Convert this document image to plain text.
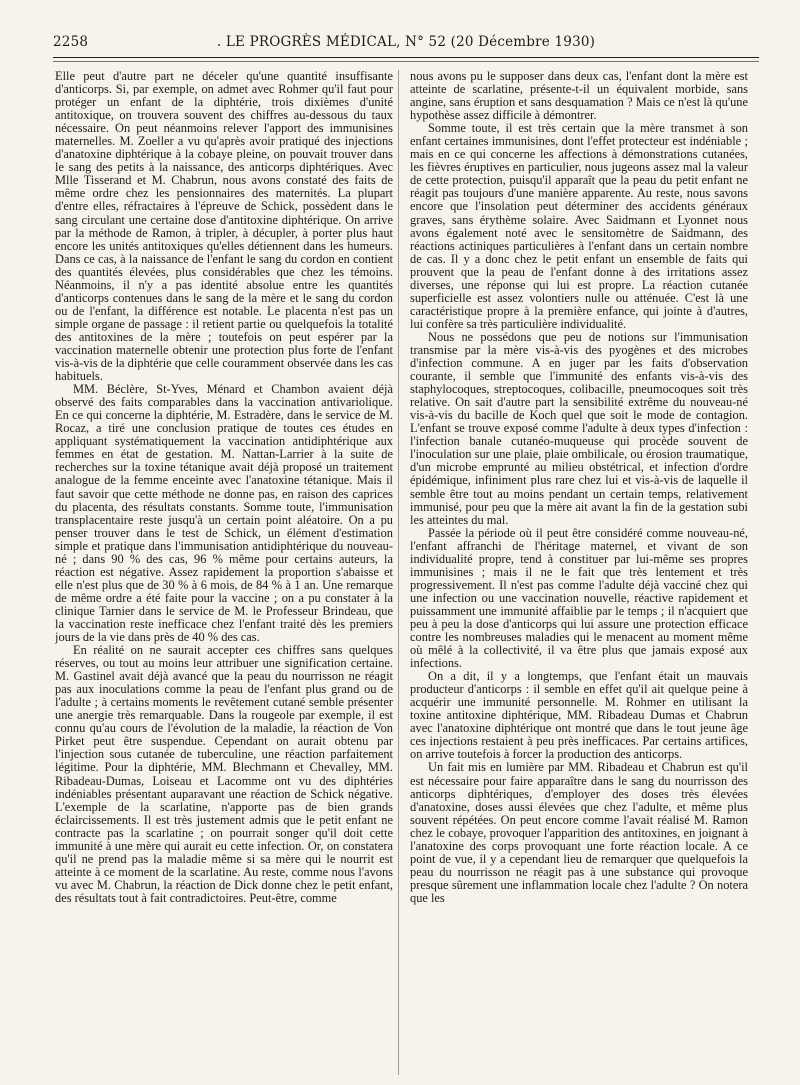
2258	. LE PROGRÈS MÉDICAL, N° 52 (20 Décembre 1930)

Elle peut d'autre part ne déceler qu'une quantité insuffisante d'anticorps. Si, par exemple, on admet avec Rohmer qu'il faut pour protéger un enfant de la diphtérie, trois dixièmes d'unité antitoxique, on trouvera souvent des chiffres au-dessous du taux nécessaire. On peut néanmoins relever l'apport des immunisines maternelles. M. Zoeller a vu qu'après avoir pratiqué des injections d'anatoxine diphtérique à la cobaye pleine, on pouvait trouver dans le sang des petits à la naissance, des anticorps diphtériques. Avec Mlle Tisserand et M. Chabrun, nous avons constaté des faits de même ordre chez les pensionnaires des maternités. La plupart d'entre elles, réfractaires à l'épreuve de Schick, possèdent dans le sang circulant une certaine dose d'antitoxine diphtérique. On arrive par la méthode de Ramon, à tripler, à décupler, à porter plus haut encore les unités antitoxiques qu'elles détiennent dans les humeurs. Dans ce cas, à la naissance de l'enfant le sang du cordon en contient des quantités élevées, plus considérables que chez les témoins. Néanmoins, il n'y a pas identité absolue entre les quantités d'anticorps contenues dans le sang de la mère et le sang du cordon ou de l'enfant, la différence est notable. Le placenta n'est pas un simple organe de passage : il retient partie ou quelquefois la totalité des antitoxines de la mère ; toutefois on peut espérer par la vaccination maternelle obtenir une protection plus forte de l'enfant vis-à-vis de la diphtérie que celle couramment observée dans les cas habituels.

MM. Béclère, St-Yves, Ménard et Chambon avaient déjà observé des faits comparables dans la vaccination antivariolique. En ce qui concerne la diphtérie, M. Estradère, dans le service de M. Rocaz, a tiré une conclusion pratique de toutes ces études en appliquant systématiquement la vaccination antidiphtérique aux femmes en état de gestation. M. Nattan-Larrier à la suite de recherches sur la toxine tétanique avait déjà proposé un traitement analogue de la femme enceinte avec l'anatoxine tétanique. Mais il faut savoir que cette méthode ne donne pas, en raison des caprices du placenta, des résultats constants. Somme toute, l'immunisation transplacentaire reste jusqu'à un certain point aléatoire. On a pu penser trouver dans le test de Schick, un élément d'estimation simple et pratique dans l'immunisation antidiphtérique du nouveau-né ; dans 90 % des cas, 96 % même pour certains auteurs, la réaction est négative. Assez rapidement la proportion s'abaisse et elle n'est plus que de 30 % à 6 mois, de 84 % à 1 an. Une remarque de même ordre a été faite pour la vaccine ; on a pu constater à la clinique Tarnier dans le service de M. le Professeur Brindeau, que la vaccination reste inefficace chez l'enfant traité dès les premiers jours de la vie dans près de 40 % des cas.

En réalité on ne saurait accepter ces chiffres sans quelques réserves, ou tout au moins leur attribuer une signification certaine. M. Gastinel avait déjà avancé que la peau du nourrisson ne réagit pas aux inoculations comme la peau de l'enfant plus grand ou de l'adulte ; à certains moments le revêtement cutané semble présenter une anergie très remarquable. Dans la rougeole par exemple, il est connu qu'au cours de l'évolution de la maladie, la réaction de Von Pirket peut être suspendue. Cependant on aurait obtenu par l'injection sous cutanée de tuberculine, une réaction parfaitement légitime. Pour la diphtérie, MM. Blechmann et Chevalley, MM. Ribadeau-Dumas, Loiseau et Lacomme ont vu des diphtéries indéniables présentant auparavant une réaction de Schick négative. L'exemple de la scarlatine, n'apporte pas de bien grands éclaircissements. Il est très justement admis que le petit enfant ne contracte pas la scarlatine ; on pourrait songer qu'il doit cette immunité à une mère qui aurait eu cette infection. Or, on constatera qu'il ne prend pas la maladie même si sa mère qui le nourrit est atteinte à ce moment de la scarlatine. Au reste, comme nous l'avons vu avec M. Chabrun, la réaction de Dick donne chez le petit enfant, des résultats tout à fait contradictoires. Peut-être, comme

nous avons pu le supposer dans deux cas, l'enfant dont la mère est atteinte de scarlatine, présente-t-il un équivalent morbide, sans angine, sans éruption et sans desquamation ? Mais ce n'est là qu'une hypothèse assez difficile à démontrer.

Somme toute, il est très certain que la mère transmet à son enfant certaines immunisines, dont l'effet protecteur est indéniable ; mais en ce qui concerne les affections à démonstrations cutanées, les fièvres éruptives en particulier, nous jugeons assez mal la valeur de cette protection, puisqu'il apparaît que la peau du petit enfant ne réagit pas toujours d'une manière apparente. Au reste, nous savons encore que l'insolation peut déterminer des accidents généraux graves, sans érythème solaire. Avec Saidmann et Lyonnet nous avons également noté avec le sensitomètre de Saidmann, des réactions actiniques particulières à l'enfant dans un certain nombre de cas. Il y a donc chez le petit enfant un ensemble de faits qui prouvent que la peau de l'enfant donne à des irritations assez diverses, une réponse qui lui est propre. La réaction cutanée superficielle est assez volontiers nulle ou atténuée. C'est là une caractéristique propre à la première enfance, qui jointe à d'autres, lui confère sa très particulière individualité.

Nous ne possédons que peu de notions sur l'immunisation transmise par la mère vis-à-vis des pyogènes et des microbes d'infection commune. A en juger par les faits d'observation courante, il semble que l'immunité des enfants vis-à-vis des staphylocoques, streptocoques, colibacille, pneumocoques soit très relative. On sait d'autre part la sensibilité extrême du nouveau-né vis-à-vis du bacille de Koch quel que soit le mode de contagion. L'enfant se trouve exposé comme l'adulte à deux types d'infection : l'infection banale cutanéo-muqueuse qui procède souvent de l'inoculation sur une plaie, plaie ombilicale, ou érosion traumatique, d'un microbe emprunté au milieu obstétrical, et infection d'ordre épidémique, infiniment plus rare chez lui et vis-à-vis de laquelle il semble être tout au moins pendant un certain temps, relativement immunisé, pour peu que la mère ait avant la fin de la gestation subi les atteintes du mal.

Passée la période où il peut être considéré comme nouveau-né, l'enfant affranchi de l'héritage maternel, et vivant de son individualité propre, tend à constituer par lui-même ses propres immunisines ; mais il ne le fait que très lentement et très progressivement. Il n'est pas comme l'adulte déjà vacciné chez qui une infection ou une vaccination nouvelle, réactive rapidement et puissamment une immunité affaiblie par le temps ; il n'acquiert que peu à peu la dose d'anticorps qui lui assure une protection efficace contre les nombreuses maladies qui le menacent au moment même où mêlé à la collectivité, il va être plus que jamais exposé aux infections.

On a dit, il y a longtemps, que l'enfant était un mauvais producteur d'anticorps : il semble en effet qu'il ait quelque peine à acquérir une immunité personnelle. M. Rohmer en utilisant la toxine antitoxine diphtérique, MM. Ribadeau Dumas et Chabrun avec l'anatoxine diphtérique ont montré que dans le tout jeune âge ces injections restaient à peu près inefficaces. Par certains artifices, on arrive toutefois à forcer la production des anticorps.

Un fait mis en lumière par MM. Ribadeau et Chabrun est qu'il est nécessaire pour faire apparaître dans le sang du nourrisson des anticorps diphtériques, d'employer des doses très élevées d'anatoxine, doses aussi élevées que chez l'adulte, et même plus souvent répétées. On peut encore comme l'avait réalisé M. Ramon chez le cobaye, provoquer l'apparition des antitoxines, en joignant à l'anatoxine des corps provoquant une forte réaction locale. A ce point de vue, il y a cependant lieu de remarquer que quelquefois la peau du nourrisson ne réagit pas à une substance qui provoque presque sûrement une inflammation locale chez l'adulte ? On notera que les
